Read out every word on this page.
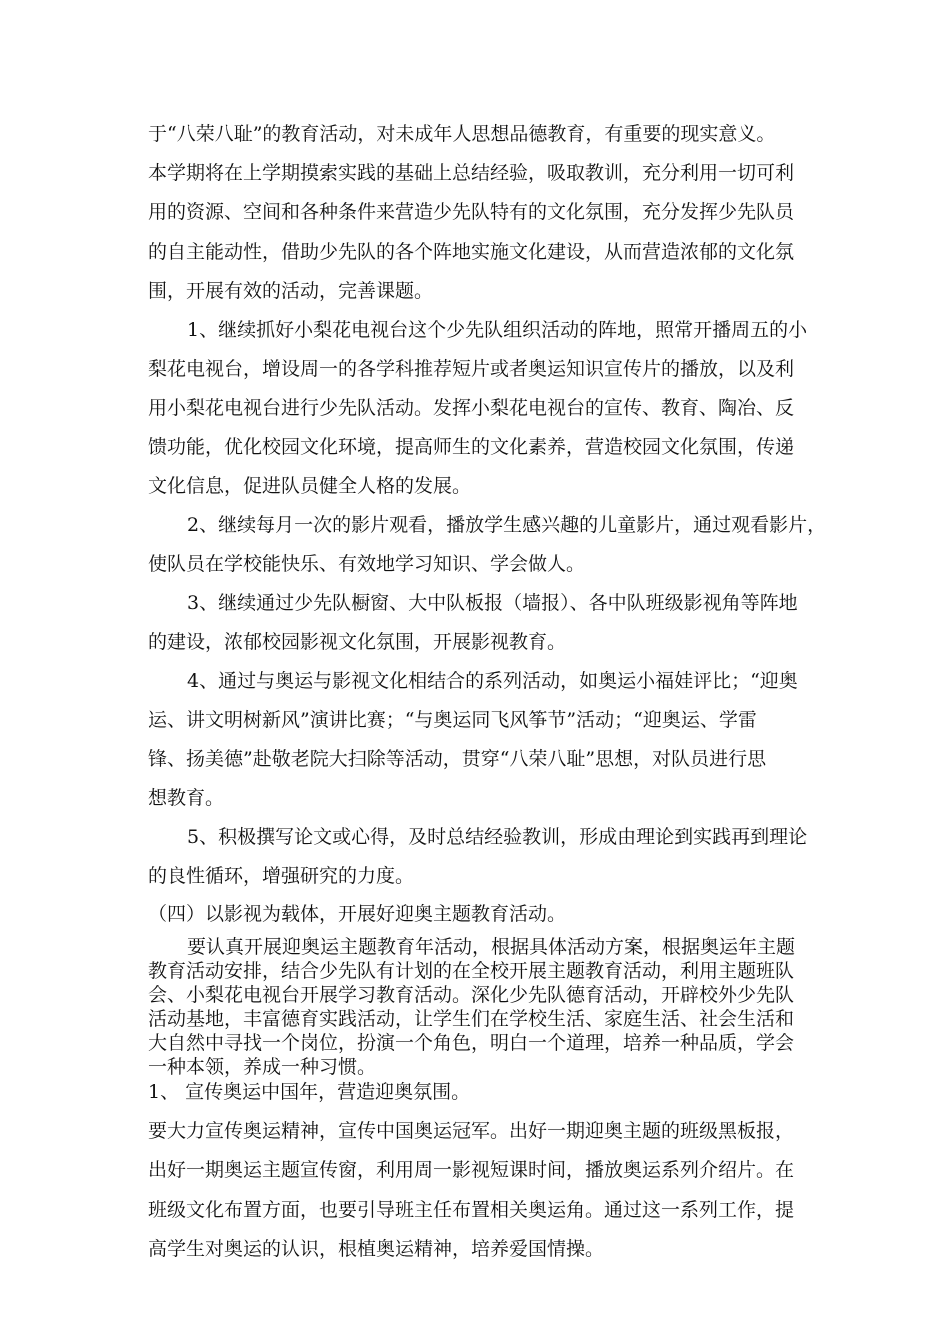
于“八荣八耻”的教育活动，对未成年人思想品德教育，有重要的现实意义。
本学期将在上学期摸索实践的基础上总结经验，吸取教训，充分利用一切可利
用的资源、空间和各种条件来营造少先队特有的文化氛围，充分发挥少先队员
的自主能动性，借助少先队的各个阵地实施文化建设，从而营造浓郁的文化氛
围，开展有效的活动，完善课题。
1、继续抓好小梨花电视台这个少先队组织活动的阵地，照常开播周五的小
梨花电视台，增设周一的各学科推荐短片或者奥运知识宣传片的播放，以及利
用小梨花电视台进行少先队活动。发挥小梨花电视台的宣传、教育、陶冶、反
馈功能，优化校园文化环境，提高师生的文化素养，营造校园文化氛围，传递
文化信息，促进队员健全人格的发展。
2、继续每月一次的影片观看，播放学生感兴趣的儿童影片，通过观看影片，
使队员在学校能快乐、有效地学习知识、学会做人。
3、继续通过少先队橱窗、大中队板报（墙报）、各中队班级影视角等阵地
的建设，浓郁校园影视文化氛围，开展影视教育。
4、通过与奥运与影视文化相结合的系列活动，如奥运小福娃评比；“迎奥
运、讲文明树新风”演讲比赛；“与奥运同飞风筝节”活动；“迎奥运、学雷
锋、扬美德”赴敬老院大扫除等活动，贯穿“八荣八耻”思想，对队员进行思
想教育。
5、积极撰写论文或心得，及时总结经验教训，形成由理论到实践再到理论
的良性循环，增强研究的力度。
（四）以影视为载体，开展好迎奥主题教育活动。
要认真开展迎奥运主题教育年活动，根据具体活动方案，根据奥运年主题
教育活动安排，结合少先队有计划的在全校开展主题教育活动，利用主题班队
会、小梨花电视台开展学习教育活动。深化少先队德育活动，开辟校外少先队
活动基地，丰富德育实践活动，让学生们在学校生活、家庭生活、社会生活和
大自然中寻找一个岗位，扮演一个角色，明白一个道理，培养一种品质，学会
一种本领，养成一种习惯。
1、 宣传奥运中国年，营造迎奥氛围。
要大力宣传奥运精神，宣传中国奥运冠军。出好一期迎奥主题的班级黑板报，
出好一期奥运主题宣传窗，利用周一影视短课时间，播放奥运系列介绍片。在
班级文化布置方面，也要引导班主任布置相关奥运角。通过这一系列工作，提
高学生对奥运的认识，根植奥运精神，培养爱国情操。
